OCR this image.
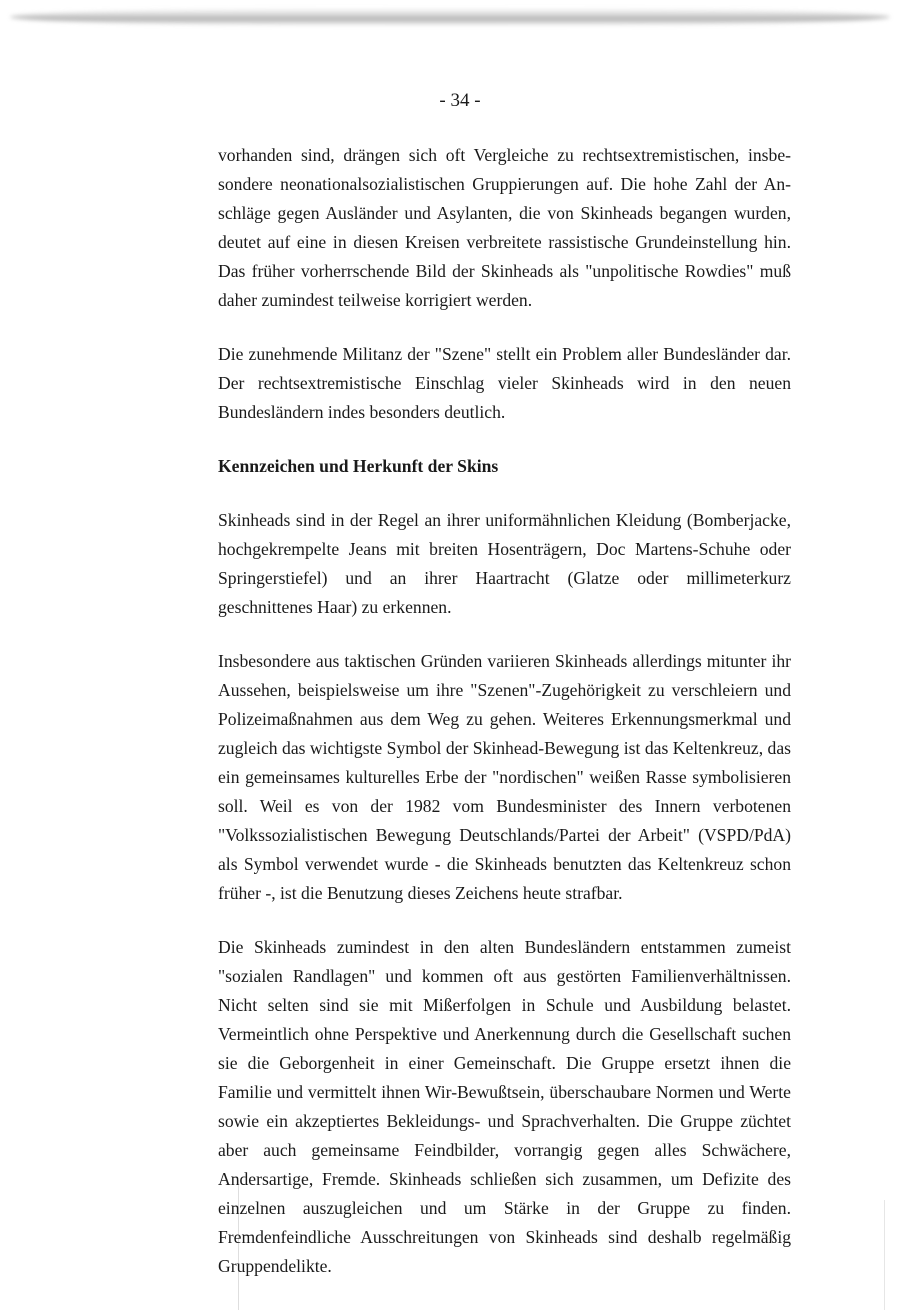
- 34 -

vorhanden sind, drängen sich oft Vergleiche zu rechtsextremistischen, insbesondere neonationalsozialistischen Gruppierungen auf. Die hohe Zahl der Anschläge gegen Ausländer und Asylanten, die von Skinheads begangen wurden, deutet auf eine in diesen Kreisen verbreitete rassistische Grundeinstellung hin. Das früher vorherrschende Bild der Skinheads als "unpolitische Rowdies" muß daher zumindest teilweise korrigiert werden.

Die zunehmende Militanz der "Szene" stellt ein Problem aller Bundesländer dar. Der rechtsextremistische Einschlag vieler Skinheads wird in den neuen Bundesländern indes besonders deutlich.

Kennzeichen und Herkunft der Skins

Skinheads sind in der Regel an ihrer uniformähnlichen Kleidung (Bomberjacke, hochgekrempelte Jeans mit breiten Hosenträgern, Doc Martens-Schuhe oder Springerstiefel) und an ihrer Haartracht (Glatze oder millimeterkurz geschnittenes Haar) zu erkennen.

Insbesondere aus taktischen Gründen variieren Skinheads allerdings mitunter ihr Aussehen, beispielsweise um ihre "Szenen"-Zugehörigkeit zu verschleiern und Polizeimaßnahmen aus dem Weg zu gehen. Weiteres Erkennungsmerkmal und zugleich das wichtigste Symbol der Skinhead-Bewegung ist das Keltenkreuz, das ein gemeinsames kulturelles Erbe der "nordischen" weißen Rasse symbolisieren soll. Weil es von der 1982 vom Bundesminister des Innern verbotenen "Volkssozialistischen Bewegung Deutschlands/Partei der Arbeit" (VSPD/PdA) als Symbol verwendet wurde - die Skinheads benutzten das Keltenkreuz schon früher -, ist die Benutzung dieses Zeichens heute strafbar.

Die Skinheads zumindest in den alten Bundesländern entstammen zumeist "sozialen Randlagen" und kommen oft aus gestörten Familienverhältnissen. Nicht selten sind sie mit Mißerfolgen in Schule und Ausbildung belastet. Vermeintlich ohne Perspektive und Anerkennung durch die Gesellschaft suchen sie die Geborgenheit in einer Gemeinschaft. Die Gruppe ersetzt ihnen die Familie und vermittelt ihnen Wir-Bewußtsein, überschaubare Normen und Werte sowie ein akzeptiertes Bekleidungs- und Sprachverhalten. Die Gruppe züchtet aber auch gemeinsame Feindbilder, vorrangig gegen alles Schwächere, Andersartige, Fremde. Skinheads schließen sich zusammen, um Defizite des einzelnen auszugleichen und um Stärke in der Gruppe zu finden. Fremdenfeindliche Ausschreitungen von Skinheads sind deshalb regelmäßig Gruppendelikte.
